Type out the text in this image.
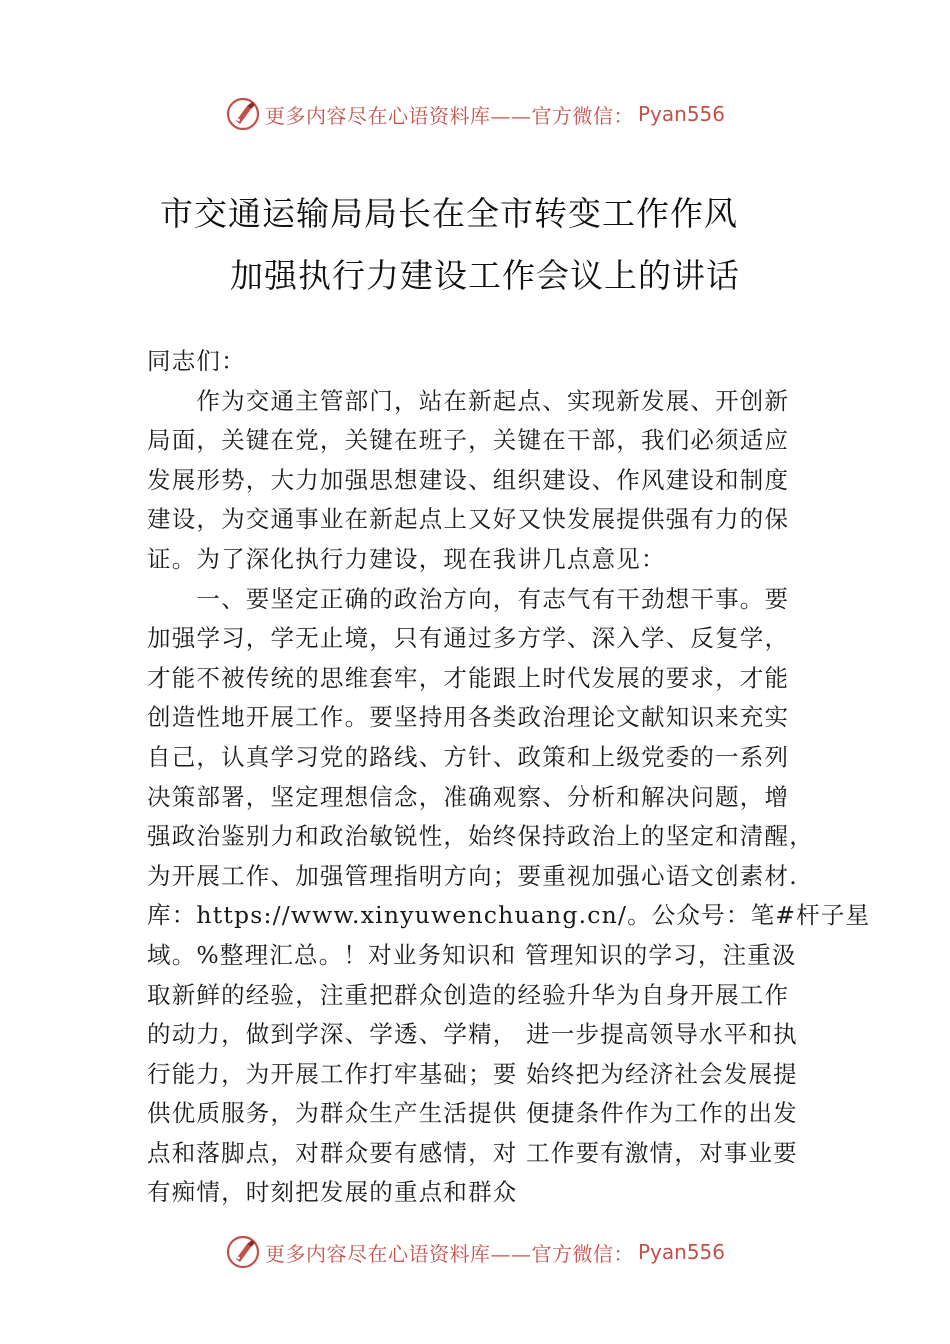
更多内容尽在心语资料库——官方微信： Pyan556
市交通运输局局长在全市转变工作作风
加强执行力建设工作会议上的讲话
同志们：
　　作为交通主管部门，站在新起点、实现新发展、开创新
局面，关键在党，关键在班子，关键在干部，我们必须适应
发展形势，大力加强思想建设、组织建设、作风建设和制度
建设，为交通事业在新起点上又好又快发展提供强有力的保
证。为了深化执行力建设，现在我讲几点意见：
　　一、要坚定正确的政治方向，有志气有干劲想干事。要
加强学习，学无止境，只有通过多方学、深入学、反复学，
才能不被传统的思维套牢，才能跟上时代发展的要求，才能
创造性地开展工作。要坚持用各类政治理论文献知识来充实
自己，认真学习党的路线、方针、政策和上级党委的一系列
决策部署，坚定理想信念，准确观察、分析和解决问题，增
强政治鉴别力和政治敏锐性，始终保持政治上的坚定和清醒，
为开展工作、加强管理指明方向；要重视加强心语文创素材.
库：https://www.xinyuwenchuang.cn/。公众号：笔#杆子星
域。%整理汇总。！对业务知识和 管理知识的学习，注重汲
取新鲜的经验，注重把群众创造的经验升华为自身开展工作
的动力，做到学深、学透、学精， 进一步提高领导水平和执
行能力，为开展工作打牢基础；要 始终把为经济社会发展提
供优质服务，为群众生产生活提供 便捷条件作为工作的出发
点和落脚点，对群众要有感情，对 工作要有激情，对事业要
有痴情，时刻把发展的重点和群众
更多内容尽在心语资料库——官方微信： Pyan556
